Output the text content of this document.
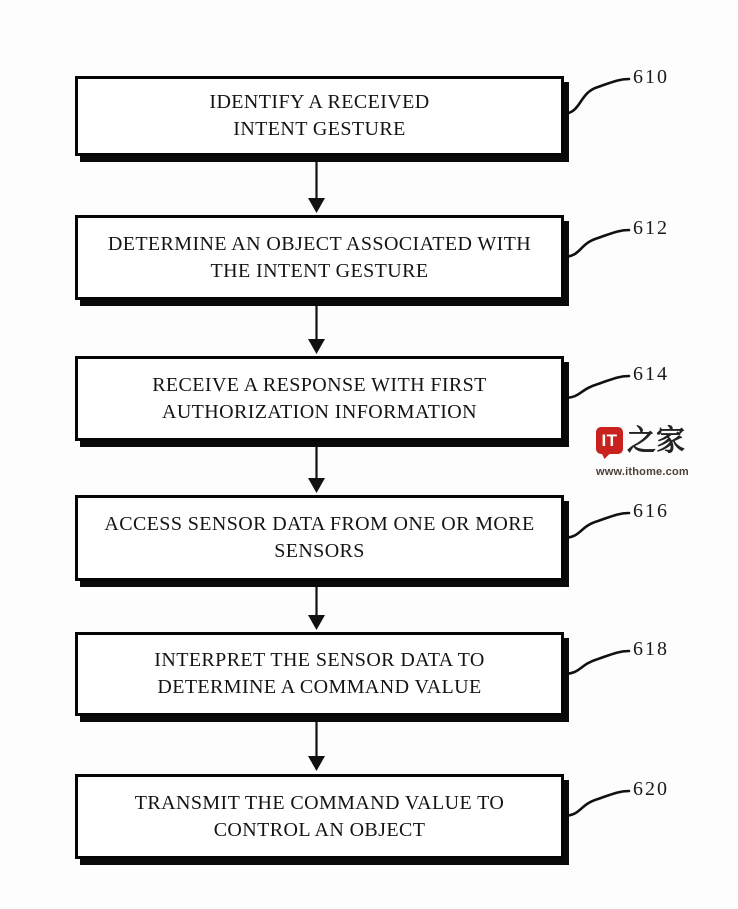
IDENTIFY A RECEIVED
INTENT GESTURE
DETERMINE AN OBJECT ASSOCIATED WITH
THE INTENT GESTURE
RECEIVE A RESPONSE WITH FIRST
AUTHORIZATION INFORMATION
ACCESS SENSOR DATA FROM ONE OR MORE
SENSORS
INTERPRET THE SENSOR DATA TO
DETERMINE A COMMAND VALUE
TRANSMIT THE COMMAND VALUE TO
CONTROL AN OBJECT
610
612
614
616
618
620
IT 之家
www.ithome.com
